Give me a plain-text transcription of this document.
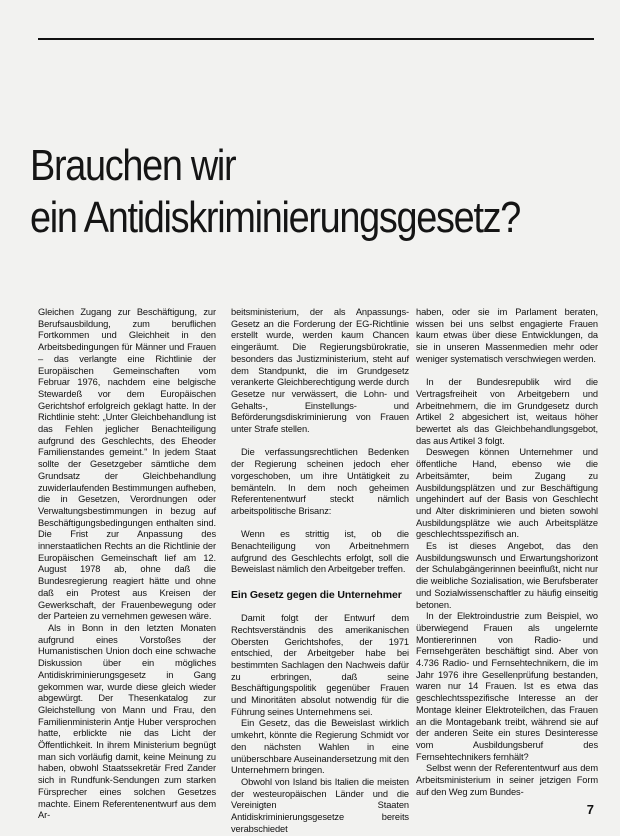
Brauchen wir
ein Antidiskriminierungsgesetz?

Gleichen Zugang zur Beschäftigung, zur Berufsausbildung, zum beruflichen Fortkommen und Gleichheit in den Arbeitsbedingungen für Männer und Frauen – das verlangte eine Richtlinie der Europäischen Gemeinschaften vom Februar 1976, nachdem eine belgische Stewardeß vor dem Europäischen Gerichtshof erfolgreich geklagt hatte. In der Richtlinie steht: „Unter Gleichbehandlung ist das Fehlen jeglicher Benachteiligung aufgrund des Geschlechts, des Eheoder Familienstandes gemeint." In jedem Staat sollte der Gesetzgeber sämtliche dem Grundsatz der Gleichbehandlung zuwiderlaufenden Bestimmungen aufheben, die in Gesetzen, Verordnungen oder Verwaltungsbestimmungen in bezug auf Beschäftigungsbedingungen enthalten sind. Die Frist zur Anpassung des innerstaatlichen Rechts an die Richtlinie der Europäischen Gemeinschaft lief am 12. August 1978 ab, ohne daß die Bundesregierung reagiert hätte und ohne daß ein Protest aus Kreisen der Gewerkschaft, der Frauenbewegung oder der Parteien zu vernehmen gewesen wäre.

Als in Bonn in den letzten Monaten aufgrund eines Vorstoßes der Humanistischen Union doch eine schwache Diskussion über ein mögliches Antidiskriminierungsgesetz in Gang gekommen war, wurde diese gleich wieder abgewürgt. Der Thesenkatalog zur Gleichstellung von Mann und Frau, den Familienministerin Antje Huber versprochen hatte, erblickte nie das Licht der Öffentlichkeit. In ihrem Ministerium begnügt man sich vorläufig damit, keine Meinung zu haben, obwohl Staatssekretär Fred Zander sich in Rundfunk-Sendungen zum starken Fürsprecher eines solchen Gesetzes machte. Einem Referentenentwurf aus dem Ar-

beitsministerium, der als Anpassungs-Gesetz an die Forderung der EG-Richtlinie erstellt wurde, werden kaum Chancen eingeräumt. Die Regierungsbürokratie, besonders das Justizministerium, steht auf dem Standpunkt, die im Grundgesetz verankerte Gleichberechtigung werde durch Gesetze nur verwässert, die Lohn- und Gehalts-, Einstellungs- und Beförderungsdiskriminierung von Frauen unter Strafe stellen.

Die verfassungsrechtlichen Bedenken der Regierung scheinen jedoch eher vorgeschoben, um ihre Untätigkeit zu bemänteln. In dem noch geheimen Referentenentwurf steckt nämlich arbeitspolitische Brisanz:

Wenn es strittig ist, ob die Benachteiligung von Arbeitnehmern aufgrund des Geschlechts erfolgt, soll die Beweislast nämlich den Arbeitgeber treffen.

Ein Gesetz gegen die Unternehmer

Damit folgt der Entwurf dem Rechtsverständnis des amerikanischen Obersten Gerichtshofes, der 1971 entschied, der Arbeitgeber habe bei bestimmten Sachlagen den Nachweis dafür zu erbringen, daß seine Beschäftigungspolitik gegenüber Frauen und Minoritäten absolut notwendig für die Führung seines Unternehmens sei.

Ein Gesetz, das die Beweislast wirklich umkehrt, könnte die Regierung Schmidt vor den nächsten Wahlen in eine unüberschbare Auseinandersetzung mit den Unternehmern bringen.

Obwohl von Island bis Italien die meisten der westeuropäischen Länder und die Vereinigten Staaten Antidiskriminierungsgesetze bereits verabschiedet

haben, oder sie im Parlament beraten, wissen bei uns selbst engagierte Frauen kaum etwas über diese Entwicklungen, da sie in unseren Massenmedien mehr oder weniger systematisch verschwiegen werden.

In der Bundesrepublik wird die Vertragsfreiheit von Arbeitgebern und Arbeitnehmern, die im Grundgesetz durch Artikel 2 abgesichert ist, weitaus höher bewertet als das Gleichbehandlungsgebot, das aus Artikel 3 folgt.

Deswegen können Unternehmer und öffentliche Hand, ebenso wie die Arbeitsämter, beim Zugang zu Ausbildungsplätzen und zur Beschäftigung ungehindert auf der Basis von Geschlecht und Alter diskriminieren und bieten sowohl Ausbildungsplätze wie auch Arbeitsplätze geschlechtsspezifisch an.

Es ist dieses Angebot, das den Ausbildungswunsch und Erwartungshorizont der Schulabgängerinnen beeinflußt, nicht nur die weibliche Sozialisation, wie Berufsberater und Sozialwissenschaftler zu häufig einseitig betonen.

In der Elektroindustrie zum Beispiel, wo überwiegend Frauen als ungelernte Montiererinnen von Radio- und Fernsehgeräten beschäftigt sind. Aber von 4.736 Radio- und Fernsehtechnikern, die im Jahr 1976 ihre Gesellenprüfung bestanden, waren nur 14 Frauen. Ist es etwa das geschlechtsspezifische Interesse an der Montage kleiner Elektroteilchen, das Frauen an die Montagebank treibt, während sie auf der anderen Seite ein stures Desinteresse vom Ausbildungsberuf des Fernsehtechnikers fernhält?

Selbst wenn der Referententwurf aus dem Arbeitsministerium in seiner jetzigen Form auf den Weg zum Bundes-

7
